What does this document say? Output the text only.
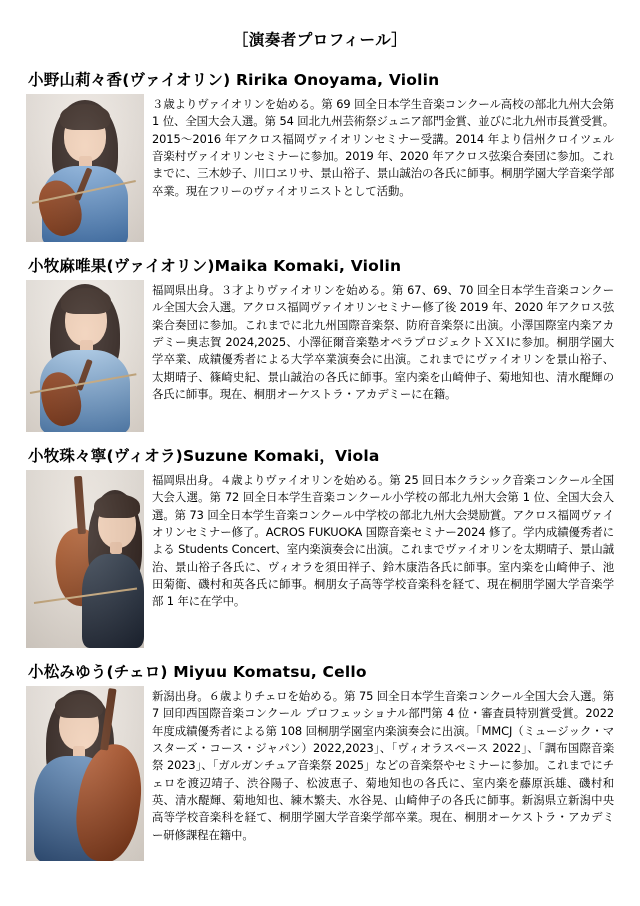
［演奏者プロフィール］
小野山莉々香(ヴァイオリン) Ririka Onoyama, Violin
３歳よりヴァイオリンを始める。第 69 回全日本学生音楽コンクール高校の部北九州大会第 1 位、全国大会入選。第 54 回北九州芸術祭ジュニア部門金賞、並びに北九州市長賞受賞。2015～2016 年アクロス福岡ヴァイオリンセミナー受講。2014 年より信州クロイツェル音楽村ヴァイオリンセミナーに参加。2019 年、2020 年アクロス弦楽合奏団に参加。これまでに、三木妙子、川口ヱリサ、景山裕子、景山誠治の各氏に師事。桐朋学園大学音楽学部卒業。現在フリーのヴァイオリニストとして活動。
小牧麻唯果(ヴァイオリン)Maika Komaki, Violin
福岡県出身。３才よりヴァイオリンを始める。第 67、69、70 回全日本学生音楽コンクール全国大会入選。アクロス福岡ヴァイオリンセミナー修了後 2019 年、2020 年アクロス弦楽合奏団に参加。これまでに北九州国際音楽祭、防府音楽祭に出演。小澤国際室内楽アカデミー奥志賀 2024,2025、小澤征爾音楽塾オペラプロジェクトＸＸⅠに参加。桐朋学園大学卒業、成績優秀者による大学卒業演奏会に出演。これまでにヴァイオリンを景山裕子、太期晴子、篠崎史紀、景山誠治の各氏に師事。室内楽を山崎伸子、菊地知也、清水醍輝の各氏に師事。現在、桐朋オーケストラ・アカデミーに在籍。
小牧珠々寧(ヴィオラ)Suzune Komaki，Viola
福岡県出身。４歳よりヴァイオリンを始める。第 25 回日本クラシック音楽コンクール全国大会入選。第 72 回全日本学生音楽コンクール小学校の部北九州大会第 1 位、全国大会入選。第 73 回全日本学生音楽コンクール中学校の部北九州大会奨励賞。アクロス福岡ヴァイオリンセミナー修了。ACROS FUKUOKA 国際音楽セミナー2024 修了。学内成績優秀者による Students Concert、室内楽演奏会に出演。これまでヴァイオリンを太期晴子、景山誠治、景山裕子各氏に、ヴィオラを須田祥子、鈴木康浩各氏に師事。室内楽を山崎伸子、池田菊衛、磯村和英各氏に師事。桐朋女子高等学校音楽科を経て、現在桐朋学園大学音楽学部 1 年に在学中。
小松みゆう(チェロ) Miyuu Komatsu, Cello
新潟出身。６歳よりチェロを始める。第 75 回全日本学生音楽コンクール全国大会入選。第 7 回印西国際音楽コンクール プロフェッショナル部門第 4 位・審査員特別賞受賞。2022 年度成績優秀者による第 108 回桐朋学園室内楽演奏会に出演。「MMCJ（ミュージック・マスターズ・コース・ジャパン）2022,2023」、「ヴィオラスペース 2022」、「調布国際音楽祭 2023」、「ガルガンチュア音楽祭 2025」などの音楽祭やセミナーに参加。これまでにチェロを渡辺靖子、渋谷陽子、松波恵子、菊地知也の各氏に、室内楽を藤原浜雄、磯村和英、清水醍輝、菊地知也、練木繁夫、水谷晃、山崎伸子の各氏に師事。新潟県立新潟中央高等学校音楽科を経て、桐朋学園大学音楽学部卒業。現在、桐朋オーケストラ・アカデミー研修課程在籍中。
